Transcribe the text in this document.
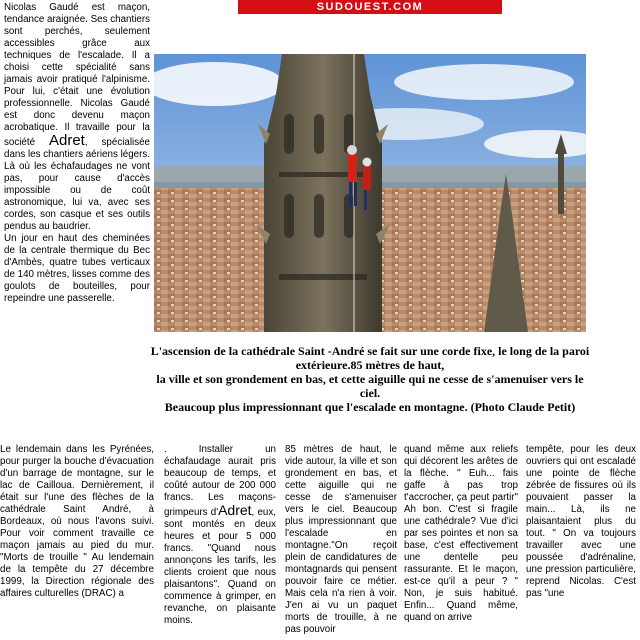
SUDOUEST.COM

Nicolas Gaudé est maçon, tendance araignée. Ses chantiers sont perchés, seulement accessibles grâce aux techniques de l'escalade. Il a choisi cette spécialité sans jamais avoir pratiqué l'alpinisme. Pour lui, c'était une évolution professionnelle. Nicolas Gaudé est donc devenu maçon acrobatique. Il travaille pour la société Adret, spécialisée dans les chantiers aériens légers. Là où les échafaudages ne vont pas, pour cause d'accès impossible ou de coût astronomique, lui va, avec ses cordes, son casque et ses outils pendus au baudrier.

Un jour en haut des cheminées de la centrale thermique du Bec d'Ambès, quatre tubes verticaux de 140 mètres, lisses comme des goulots de bouteilles, pour repeindre une passerelle.

L'ascension de la cathédrale Saint -André se fait sur une corde fixe, le long de la paroi extérieure.85 mètres de haut,
la ville et son grondement en bas, et cette aiguille qui ne cesse de s'amenuiser vers le ciel.
Beaucoup plus impressionnant que l'escalade en montagne. (Photo Claude Petit)

Le lendemain dans les Pyrénées, pour purger la bouche d'évacuation d'un barrage de montagne, sur le lac de Cailloua. Dernièrement, il était sur l'une des flèches de la cathédrale Saint André, à Bordeaux, où nous l'avons suivi. Pour voir comment travaille ce maçon jamais au pied du mur. "Morts de trouille " Au lendemain de la tempête du 27 décembre 1999, la Direction régionale des affaires culturelles (DRAC) a

. Installer un échafaudage aurait pris beaucoup de temps, et coûté autour de 200 000 francs. Les maçons-grimpeurs d'Adret, eux, sont montés en deux heures et pour 5 000 francs. "Quand nous annonçons les tarifs, les clients croient que nous plaisantons". Quand on commence à grimper, en revanche, on plaisante moins.

85 mètres de haut, le vide autour, la ville et son grondement en bas, et cette aiguille qui ne cesse de s'amenuiser vers le ciel. Beaucoup plus impressionnant que l'escalade en montagne."On reçoit plein de candidatures de montagnards qui pensent pouvoir faire ce métier. Mais cela n'a rien à voir. J'en ai vu un paquet morts de trouille, à ne pas pouvoir

quand même aux reliefs qui décorent les arêtes de la flèche. " Euh... fais gaffe à pas trop t'accrocher, ça peut partir" Ah bon. C'est si fragile une cathédrale? Vue d'ici par ses pointes et non sa base, c'est effectivement une dentelle peu rassurante. Et le maçon, est-ce qu'il a peur ? " Non, je suis habitué. Enfin... Quand même, quand on arrive

tempête, pour les deux ouvriers qui ont escaladé une pointe de flèche zébrée de fissures où ils pouvaient passer la main... Là, ils ne plaisantaient plus du tout. " On va toujours travailler avec une poussée d'adrénaline, une pression particulière, reprend Nicolas. C'est pas "une
